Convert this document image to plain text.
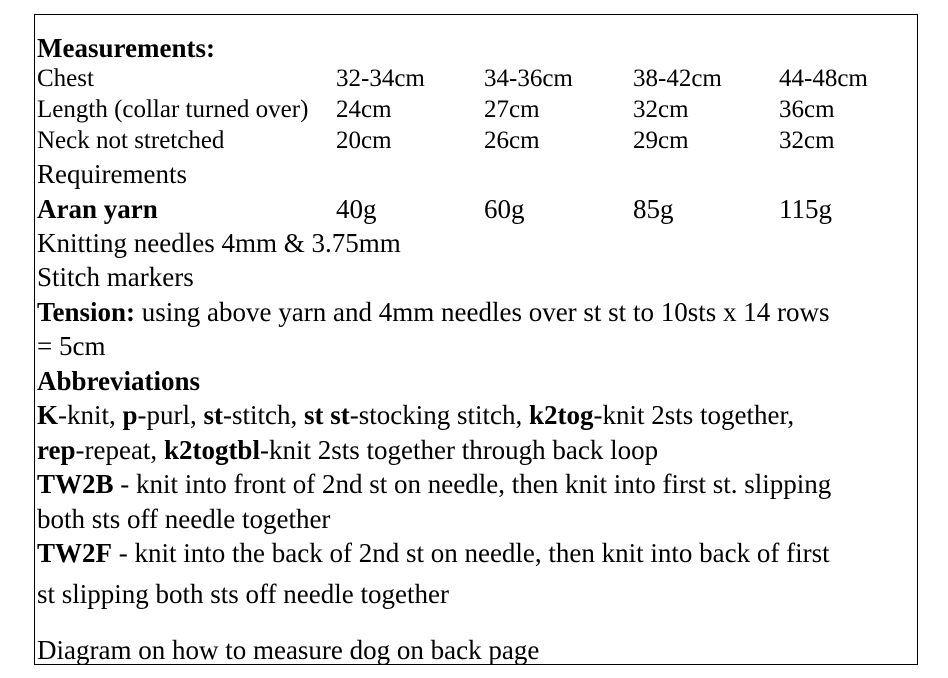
Measurements:
Chest	32-34cm 34-36cm 38-42cm 44-48cm
Length (collar turned over) 24cm	27cm	32cm	36cm
Neck not stretched	20cm	26cm	29cm	32cm
Requirements
Aran yarn	40g	60g	85g	115g
Knitting needles 4mm & 3.75mm
Stitch markers
Tension: using above yarn and 4mm needles over st st to 10sts x 14 rows
= 5cm
Abbreviations
K-knit, p-purl, st-stitch, st st-stocking stitch, k2tog-knit 2sts together,
rep-repeat, k2togtbl-knit 2sts together through back loop
TW2B - knit into front of 2nd st on needle, then knit into first st. slipping
both sts off needle together
TW2F - knit into the back of 2nd st on needle, then knit into back of first
st slipping both sts off needle together
Diagram on how to measure dog on back page
